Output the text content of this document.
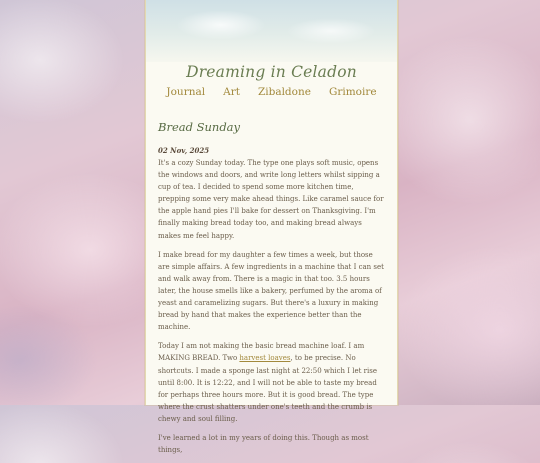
Dreaming in Celadon
Journal Art Zibaldone Grimoire
Bread Sunday
02 Nov, 2025

It's a cozy Sunday today. The type one plays soft music, opens the windows and doors, and write long letters whilst sipping a cup of tea. I decided to spend some more kitchen time, prepping some very make ahead things. Like caramel sauce for the apple hand pies I'll bake for dessert on Thanksgiving. I'm finally making bread today too, and making bread always makes me feel happy.

I make bread for my daughter a few times a week, but those are simple affairs. A few ingredients in a machine that I can set and walk away from. There is a magic in that too. 3.5 hours later, the house smells like a bakery, perfumed by the aroma of yeast and caramelizing sugars. But there's a luxury in making bread by hand that makes the experience better than the machine.

Today I am not making the basic bread machine loaf. I am MAKING BREAD. Two harvest loaves, to be precise. No shortcuts. I made a sponge last night at 22:50 which I let rise until 8:00. It is 12:22, and I will not be able to taste my bread for perhaps three hours more. But it is good bread. The type where the crust shatters under one's teeth and the crumb is chewy and soul filling.

I've learned a lot in my years of doing this. Though as most things,
